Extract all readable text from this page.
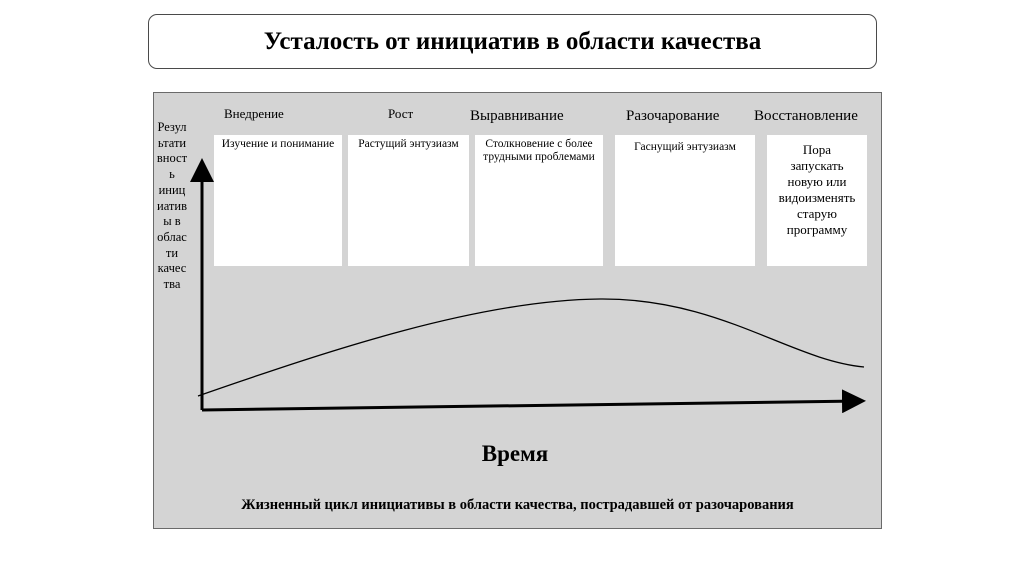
Усталость от инициатив в области качества
Резул
ьтати
вност
ь
иниц
иатив
ы в
облас
ти
качес
тва
Внедрение	Рост	Выравнивание	Разочарование Восстановление
Изучение и понимание	Растущий энтузиазм	Столкновение с более трудными проблемами
Гаснущий энтузиазм	Пора запускать новую или видоизменять старую программу
Время
Жизненный цикл инициативы в области качества, пострадавшей от разочарования
